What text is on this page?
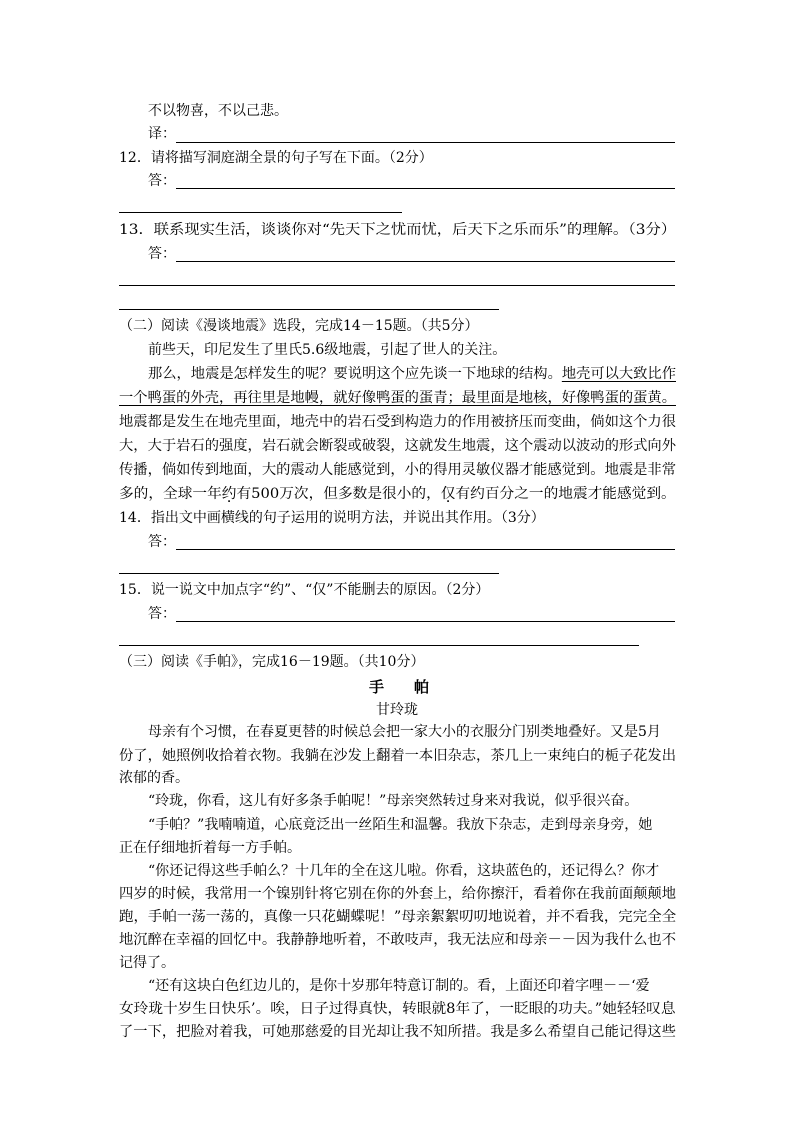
不以物喜，不以己悲。
译：
12．请将描写洞庭湖全景的句子写在下面。（2分）
答：
13．联系现实生活，谈谈你对“先天下之忧而忧，后天下之乐而乐”的理解。（3分）
答：
（二）阅读《漫谈地震》选段，完成14－15题。（共5分）
前些天，印尼发生了里氏5.6级地震，引起了世人的关注。
那么，地震是怎样发生的呢？要说明这个应先谈一下地球的结构。地壳可以大致比作
一个鸭蛋的外壳，再往里是地幔，就好像鸭蛋的蛋青；最里面是地核，好像鸭蛋的蛋黄。
地震都是发生在地壳里面，地壳中的岩石受到构造力的作用被挤压而变曲，倘如这个力很
大，大于岩石的强度，岩石就会断裂或破裂，这就发生地震，这个震动以波动的形式向外
传播，倘如传到地面，大的震动人能感觉到，小的得用灵敏仪器才能感觉到。地震是非常
多的，全球一年约有500万次，但多数是很小的，仅有约百分之一的地震才能感觉到。
14．指出文中画横线的句子运用的说明方法，并说出其作用。（3分）
答：
15．说一说文中加点字“约”、“仅”不能删去的原因。（2分）
答：
（三）阅读《手帕》，完成16－19题。（共10分）
手 帕
甘玲珑
母亲有个习惯，在春夏更替的时候总会把一家大小的衣服分门别类地叠好。又是5月
份了，她照例收拾着衣物。我躺在沙发上翻着一本旧杂志，茶几上一束纯白的栀子花发出
浓郁的香。
“玲珑，你看，这儿有好多条手帕呢！”母亲突然转过身来对我说，似乎很兴奋。
“手帕？”我喃喃道，心底竟泛出一丝陌生和温馨。我放下杂志，走到母亲身旁，她
正在仔细地折着每一方手帕。
“你还记得这些手帕么？十几年的全在这儿啦。你看，这块蓝色的，还记得么？你才
四岁的时候，我常用一个镍别针将它别在你的外套上，给你擦汗，看着你在我前面颠颠地
跑，手帕一荡一荡的，真像一只花蝴蝶呢！”母亲絮絮叨叨地说着，并不看我，完完全全
地沉醉在幸福的回忆中。我静静地听着，不敢吱声，我无法应和母亲－－因为我什么也不
记得了。
“还有这块白色红边儿的，是你十岁那年特意订制的。看，上面还印着字哩－－‘爱
女玲珑十岁生日快乐’。唉，日子过得真快，转眼就8年了，一眨眼的功夫。”她轻轻叹息
了一下，把脸对着我，可她那慈爱的目光却让我不知所措。我是多么希望自己能记得这些
